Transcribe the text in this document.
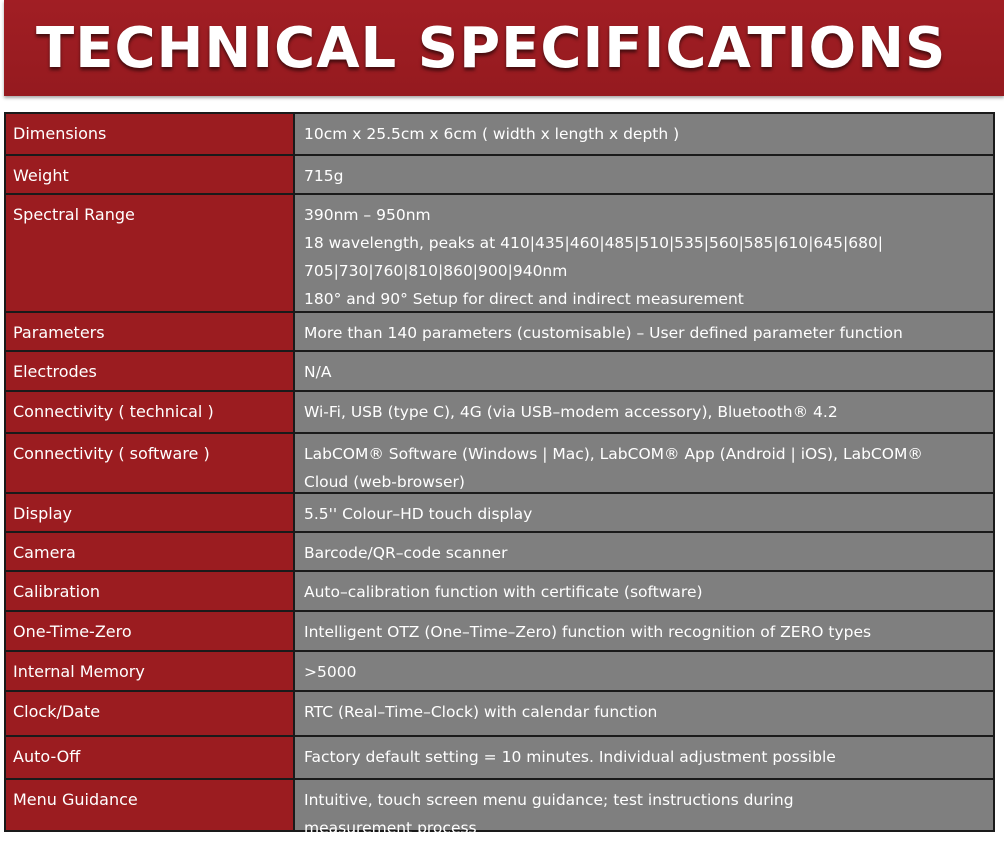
TECHNICAL SPECIFICATIONS
Dimensions	10cm x 25.5cm x 6cm ( width x length x depth )
Weight	715g
Spectral Range	390nm – 950nm
18 wavelength, peaks at 410|435|460|485|510|535|560|585|610|645|680|
705|730|760|810|860|900|940nm
180° and 90° Setup for direct and indirect measurement
Parameters	More than 140 parameters (customisable) – User defined parameter function
Electrodes	N/A
Connectivity ( technical )	Wi-Fi, USB (type C), 4G (via USB–modem accessory), Bluetooth® 4.2
Connectivity ( software )	LabCOM® Software (Windows | Mac), LabCOM® App (Android | iOS), LabCOM®
Cloud (web-browser)
Display	5.5'' Colour–HD touch display
Camera	Barcode/QR–code scanner
Calibration	Auto–calibration function with certificate (software)
One-Time-Zero	Intelligent OTZ (One–Time–Zero) function with recognition of ZERO types
Internal Memory	>5000
Clock/Date	RTC (Real–Time–Clock) with calendar function
Auto-Off	Factory default setting = 10 minutes. Individual adjustment possible
Menu Guidance	Intuitive, touch screen menu guidance; test instructions during
measurement process
